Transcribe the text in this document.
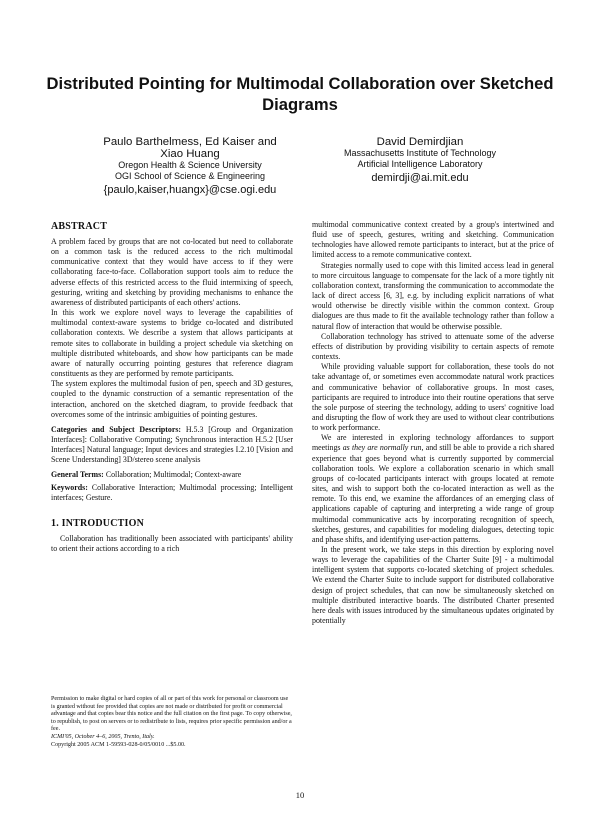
Distributed Pointing for Multimodal Collaboration over Sketched Diagrams
Paulo Barthelmess, Ed Kaiser and
Xiao Huang
Oregon Health & Science University
OGI School of Science & Engineering
{paulo,kaiser,huangx}@cse.ogi.edu
David Demirdjian
Massachusetts Institute of Technology
Artificial Intelligence Laboratory
demirdji@ai.mit.edu
ABSTRACT

A problem faced by groups that are not co-located but need to collaborate on a common task is the reduced access to the rich multimodal communicative context that they would have access to if they were collaborating face-to-face. Collaboration support tools aim to reduce the adverse effects of this restricted access to the fluid intermixing of speech, gesturing, writing and sketching by providing mechanisms to enhance the awareness of distributed participants of each others' actions.

In this work we explore novel ways to leverage the capabilities of multimodal context-aware systems to bridge co-located and distributed collaboration contexts. We describe a system that allows participants at remote sites to collaborate in building a project schedule via sketching on multiple distributed whiteboards, and show how participants can be made aware of naturally occurring pointing gestures that reference diagram constituents as they are performed by remote participants.

The system explores the multimodal fusion of pen, speech and 3D gestures, coupled to the dynamic construction of a semantic representation of the interaction, anchored on the sketched diagram, to provide feedback that overcomes some of the intrinsic ambiguities of pointing gestures.

Categories and Subject Descriptors: H.5.3 [Group and Organization Interfaces]: Collaborative Computing; Synchronous interaction H.5.2 [User Interfaces] Natural language; Input devices and strategies I.2.10 [Vision and Scene Understanding] 3D/stereo scene analysis

General Terms: Collaboration; Multimodal; Context-aware

Keywords: Collaborative Interaction; Multimodal processing; Intelligent interfaces; Gesture.

1. INTRODUCTION

Collaboration has traditionally been associated with participants' ability to orient their actions according to a rich

Permission to make digital or hard copies of all or part of this work for personal or classroom use is granted without fee provided that copies are not made or distributed for profit or commercial advantage and that copies bear this notice and the full citation on the first page. To copy otherwise, to republish, to post on servers or to redistribute to lists, requires prior specific permission and/or a fee.

ICMI'05, October 4–6, 2005, Trento, Italy.

Copyright 2005 ACM 1-59593-028-0/05/0010 ...$5.00.

multimodal communicative context created by a group's intertwined and fluid use of speech, gestures, writing and sketching. Communication technologies have allowed remote participants to interact, but at the price of limited access to a remote communicative context.

Strategies normally used to cope with this limited access lead in general to more circuitous language to compensate for the lack of a more tightly nit collaboration context, transforming the communication to accommodate the lack of direct access [6, 3], e.g. by including explicit narrations of what would otherwise be directly visible within the common context. Group dialogues are thus made to fit the available technology rather than follow a natural flow of interaction that would be otherwise possible.

Collaboration technology has strived to attenuate some of the adverse effects of distribution by providing visibility to certain aspects of remote contexts.

While providing valuable support for collaboration, these tools do not take advantage of, or sometimes even accommodate natural work practices and communicative behavior of collaborative groups. In most cases, participants are required to introduce into their routine operations that serve the sole purpose of steering the technology, adding to users' cognitive load and disrupting the flow of work they are used to without clear contributions to work performance.

We are interested in exploring technology affordances to support meetings as they are normally run, and still be able to provide a rich shared experience that goes beyond what is currently supported by commercial collaboration tools. We explore a collaboration scenario in which small groups of co-located participants interact with groups located at remote sites, and wish to support both the co-located interaction as well as the remote. To this end, we examine the affordances of an emerging class of applications capable of capturing and interpreting a wide range of group multimodal communicative acts by incorporating recognition of speech, sketches, gestures, and capabilities for modeling dialogues, detecting topic and phase shifts, and identifying user-action patterns.

In the present work, we take steps in this direction by exploring novel ways to leverage the capabilities of the Charter Suite [9] - a multimodal intelligent system that supports co-located sketching of project schedules. We extend the Charter Suite to include support for distributed collaborative design of project schedules, that can now be simultaneously sketched on multiple distributed interactive boards. The distributed Charter presented here deals with issues introduced by the simultaneous updates originated by potentially

10
